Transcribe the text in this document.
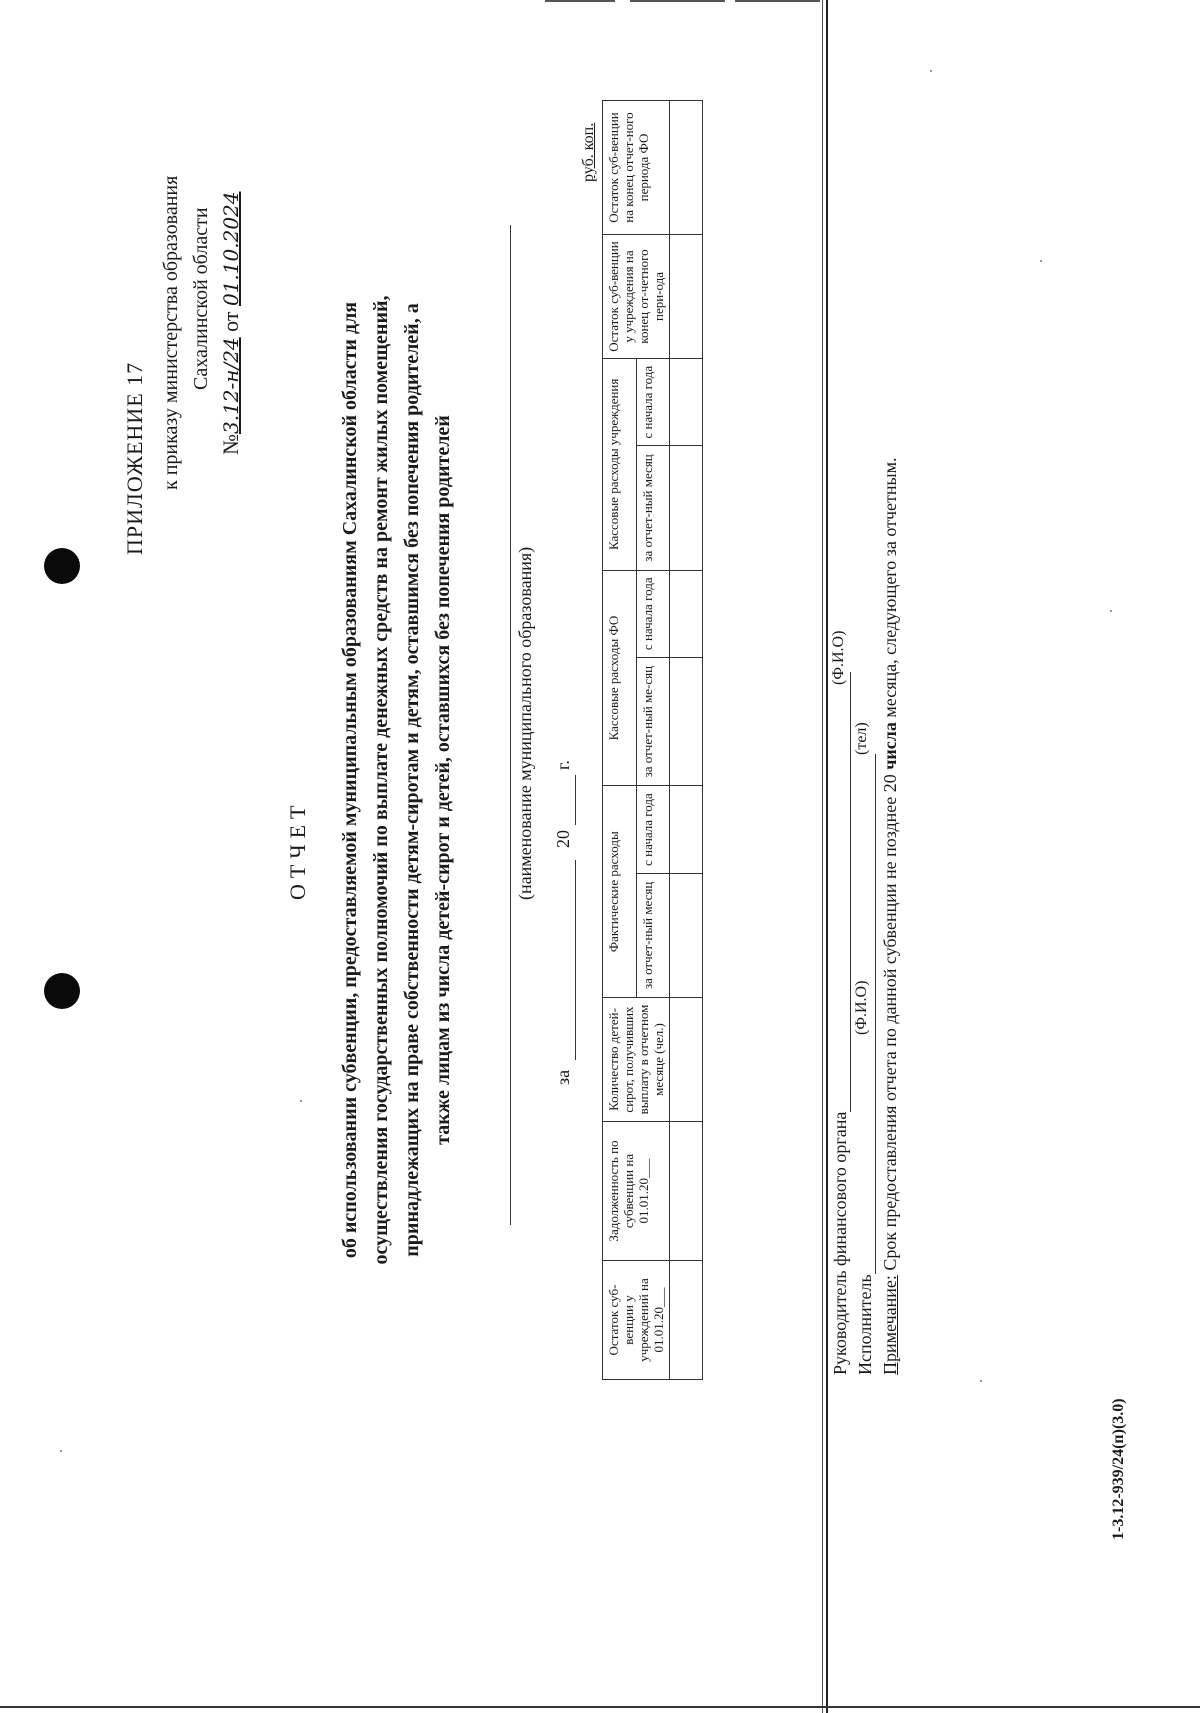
ПРИЛОЖЕНИЕ 17 к приказу министерства образования Сахалинской области
№3.12-н/24 от 01.10.2024
ОТЧЕТ об использовании субвенции, предоставляемой муниципальным образованиям Сахалинской области для осуществления государственных полномочий по выплате денежных средств на ремонт жилых помещений, принадлежащих на праве собственности детям-сиротам и детям, оставшимся без попечения родителей, а также лицам из числа детей-сирот и детей, оставшихся без попечения родителей	(наименование муниципального образования)
за
20
г.
руб. коп.
Остаток суб-венции у учреждений на 01.01.20___	Задолженность по субвенции на 01.01.20___	Количество детей-сирот, получивших выплату в отчетном месяце (чел.)	Фактические расходы		Кассовые расходы ФО		Кассовые расходы учреждения		Остаток суб-венции у учреждения на конец от-четного пери-ода	Остаток суб-венции на конец отчет-ного периода ФО
			за отчет-ный месяц	с начала года	за отчет-ный ме-сяц	с начала года	за отчет-ный месяц	с начала года		

Руководитель финансового органа
(Ф.И.О)
Исполнитель
(Ф.И.О)
(тел)
Примечание: Срок предоставления отчета по данной субвенции не позднее 20 числа месяца, следующего за отчетным.
1-3.12-939/24(п)(3.0)
